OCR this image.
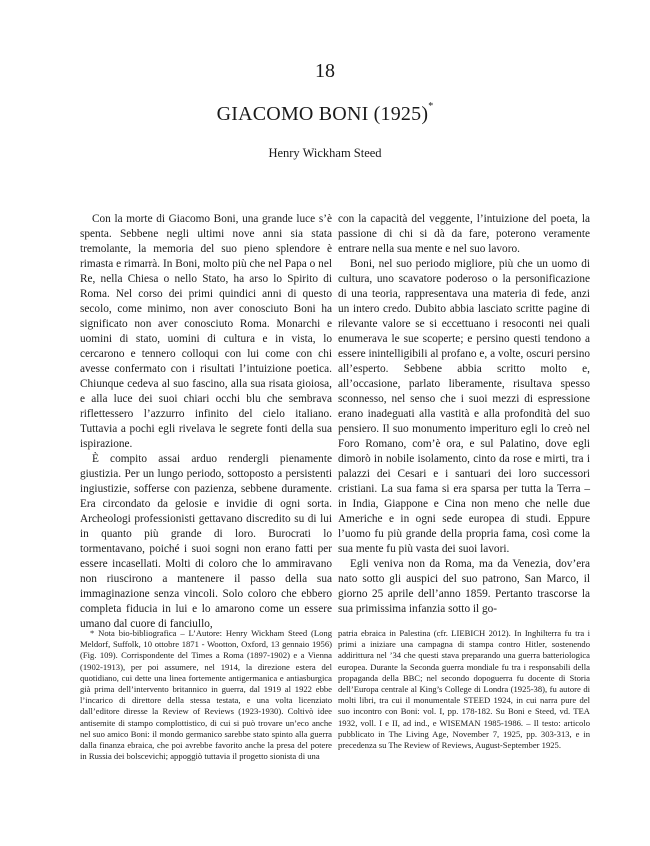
18
GIACOMO BONI (1925)*
Henry Wickham Steed

Con la morte di Giacomo Boni, una grande luce s’è spenta. Sebbene negli ultimi nove anni sia stata tremolante, la memoria del suo pieno splendore è rimasta e rimarrà. In Boni, molto più che nel Papa o nel Re, nella Chiesa o nello Stato, ha arso lo Spirito di Roma. Nel corso dei primi quindici anni di questo secolo, come minimo, non aver conosciuto Boni ha significato non aver conosciuto Roma. Monarchi e uomini di stato, uomini di cultura e in vista, lo cercarono e tennero colloqui con lui come con chi avesse confermato con i risultati l’intuizione poetica. Chiunque cedeva al suo fascino, alla sua risata gioiosa, e alla luce dei suoi chiari occhi blu che sembrava riflettessero l’azzurro infinito del cielo italiano. Tuttavia a pochi egli rivelava le segrete fonti della sua ispirazione.

È compito assai arduo rendergli pienamente giustizia. Per un lungo periodo, sottoposto a persistenti ingiustizie, sofferse con pazienza, sebbene duramente. Era circondato da gelosie e invidie di ogni sorta. Archeologi professionisti gettavano discredito su di lui in quanto più grande di loro. Burocrati lo tormentavano, poiché i suoi sogni non erano fatti per essere incasellati. Molti di coloro che lo ammiravano non riuscirono a mantenere il passo della sua immaginazione senza vincoli. Solo coloro che ebbero completa fiducia in lui e lo amarono come un essere umano dal cuore di fanciullo,

con la capacità del veggente, l’intuizione del poeta, la passione di chi si dà da fare, poterono veramente entrare nella sua mente e nel suo lavoro.

Boni, nel suo periodo migliore, più che un uomo di cultura, uno scavatore poderoso o la personificazione di una teoria, rappresentava una materia di fede, anzi un intero credo. Dubito abbia lasciato scritte pagine di rilevante valore se si eccettuano i resoconti nei quali enumerava le sue scoperte; e persino questi tendono a essere inintelligibili al profano e, a volte, oscuri persino all’esperto. Sebbene abbia scritto molto e, all’occasione, parlato liberamente, risultava spesso sconnesso, nel senso che i suoi mezzi di espressione erano inadeguati alla vastità e alla profondità del suo pensiero. Il suo monumento imperituro egli lo creò nel Foro Romano, com’è ora, e sul Palatino, dove egli dimorò in nobile isolamento, cinto da rose e mirti, tra i palazzi dei Cesari e i santuari dei loro successori cristiani. La sua fama si era sparsa per tutta la Terra – in India, Giappone e Cina non meno che nelle due Americhe e in ogni sede europea di studi. Eppure l’uomo fu più grande della propria fama, così come la sua mente fu più vasta dei suoi lavori.

Egli veniva non da Roma, ma da Venezia, dov’era nato sotto gli auspici del suo patrono, San Marco, il giorno 25 aprile dell’anno 1859. Pertanto trascorse la sua primissima infanzia sotto il go-

* Nota bio-bibliografica – L’Autore: Henry Wickham Steed (Long Meldorf, Suffolk, 10 ottobre 1871 - Wootton, Oxford, 13 gennaio 1956) (Fig. 109). Corrispondente del Times a Roma (1897-1902) e a Vienna (1902-1913), per poi assumere, nel 1914, la direzione estera del quotidiano, cui dette una linea fortemente antigermanica e antiasburgica già prima dell’intervento britannico in guerra, dal 1919 al 1922 ebbe l’incarico di direttore della stessa testata, e una volta licenziato dall’editore diresse la Review of Reviews (1923-1930). Coltivò idee antisemite di stampo complottistico, di cui si può trovare un’eco anche nel suo amico Boni: il mondo germanico sarebbe stato spinto alla guerra dalla finanza ebraica, che poi avrebbe favorito anche la presa del potere in Russia dei bolscevichi; appoggiò tuttavia il progetto sionista di una

patria ebraica in Palestina (cfr. LIEBICH 2012). In Inghilterra fu tra i primi a iniziare una campagna di stampa contro Hitler, sostenendo addirittura nel ’34 che questi stava preparando una guerra batteriologica europea. Durante la Seconda guerra mondiale fu tra i responsabili della propaganda della BBC; nel secondo dopoguerra fu docente di Storia dell’Europa centrale al King’s College di Londra (1925-38), fu autore di molti libri, tra cui il monumentale STEED 1924, in cui narra pure del suo incontro con Boni: vol. I, pp. 178-182. Su Boni e Steed, vd. TEA 1932, voll. I e II, ad ind., e WISEMAN 1985-1986. – Il testo: articolo pubblicato in The Living Age, November 7, 1925, pp. 303-313, e in precedenza su The Review of Reviews, August-September 1925.
